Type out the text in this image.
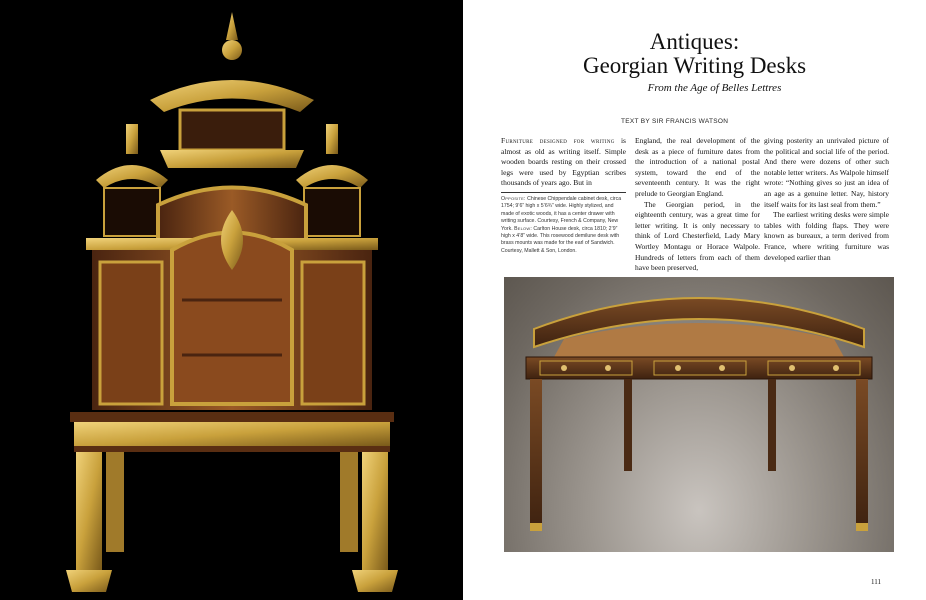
Antiques:
Georgian Writing Desks
From the Age of Belles Lettres
TEXT BY SIR FRANCIS WATSON

Furniture designed for writing is almost as old as writing itself. Simple wooden boards resting on their crossed legs were used by Egyptian scribes thousands of years ago. But in

Opposite: Chinese Chippendale cabinet desk, circa 1754; 9’6” high x 5’6¾” wide. Highly stylized, and made of exotic woods, it has a center drawer with writing surface. Courtesy, French & Company, New York. Below: Carlton House desk, circa 1810; 2’9” high x 4’8” wide. This rosewood demilune desk with brass mounts was made for the earl of Sandwich. Courtesy, Mallett & Son, London.

England, the real development of the desk as a piece of furniture dates from the introduction of a national postal system, toward the end of the seventeenth century. It was the right prelude to Georgian England.

The Georgian period, in the eighteenth century, was a great time for letter writing. It is only necessary to think of Lord Chesterfield, Lady Mary Wortley Montagu or Horace Walpole. Hundreds of letters from each of them have been preserved,

giving posterity an unrivaled picture of the political and social life of the period. And there were dozens of other such notable letter writers. As Walpole himself wrote: “Nothing gives so just an idea of an age as a genuine letter. Nay, history itself waits for its last seal from them.”

The earliest writing desks were simple tables with folding flaps. They were known as bureaux, a term derived from France, where writing furniture was developed earlier than

111
